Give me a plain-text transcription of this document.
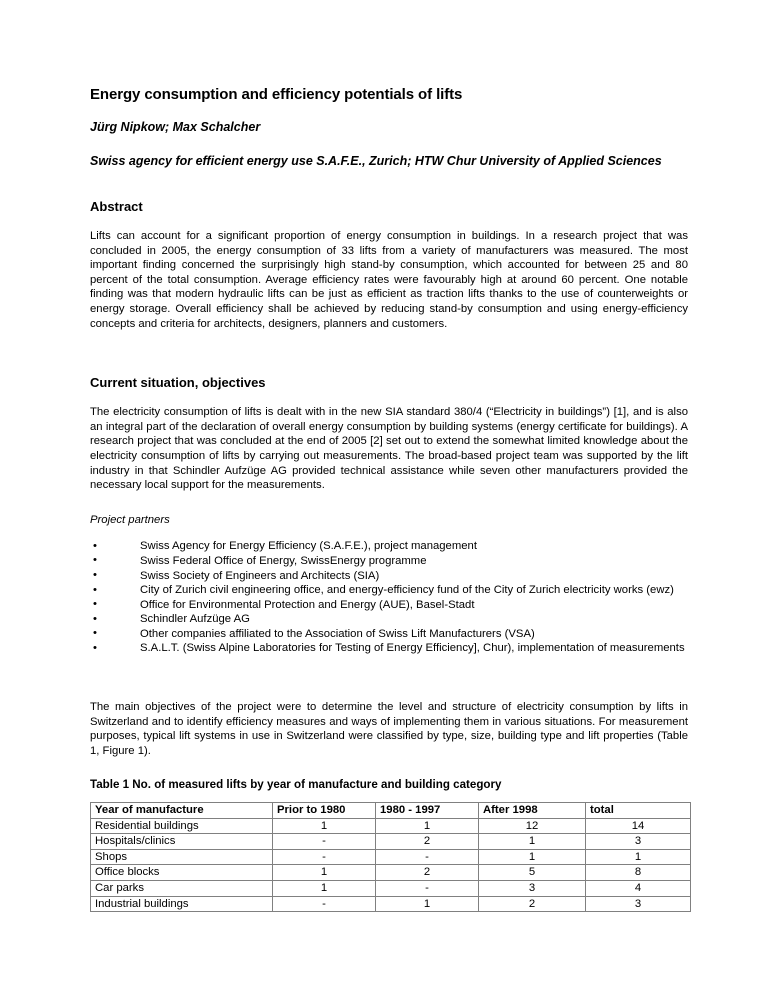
Energy consumption and efficiency potentials of lifts

Jürg Nipkow; Max Schalcher

Swiss agency for efficient energy use S.A.F.E., Zurich; HTW Chur University of Applied Sciences

Abstract

Lifts can account for a significant proportion of energy consumption in buildings. In a research project that was concluded in 2005, the energy consumption of 33 lifts from a variety of manufacturers was measured. The most important finding concerned the surprisingly high stand-by consumption, which accounted for between 25 and 80 percent of the total consumption. Average efficiency rates were favourably high at around 60 percent. One notable finding was that modern hydraulic lifts can be just as efficient as traction lifts thanks to the use of counterweights or energy storage. Overall efficiency shall be achieved by reducing stand-by consumption and using energy-efficiency concepts and criteria for architects, designers, planners and customers.

Current situation, objectives

The electricity consumption of lifts is dealt with in the new SIA standard 380/4 (“Electricity in buildings”) [1], and is also an integral part of the declaration of overall energy consumption by building systems (energy certificate for buildings). A research project that was concluded at the end of 2005 [2] set out to extend the somewhat limited knowledge about the electricity consumption of lifts by carrying out measurements. The broad-based project team was supported by the lift industry in that Schindler Aufzüge AG provided technical assistance while seven other manufacturers provided the necessary local support for the measurements.

Project partners

•	Swiss Agency for Energy Efficiency (S.A.F.E.), project management
•	Swiss Federal Office of Energy, SwissEnergy programme
•	Swiss Society of Engineers and Architects (SIA)
•	City of Zurich civil engineering office, and energy-efficiency fund of the City of Zurich electricity works (ewz)
•	Office for Environmental Protection and Energy (AUE), Basel-Stadt
•	Schindler Aufzüge AG
•	Other companies affiliated to the Association of Swiss Lift Manufacturers (VSA)
•	S.A.L.T. (Swiss Alpine Laboratories for Testing of Energy Efficiency], Chur), implementation of measurements

The main objectives of the project were to determine the level and structure of electricity consumption by lifts in Switzerland and to identify efficiency measures and ways of implementing them in various situations. For measurement purposes, typical lift systems in use in Switzerland were classified by type, size, building type and lift properties (Table 1, Figure 1).

Table 1 No. of measured lifts by year of manufacture and building category

Year of manufacture	Prior to 1980	1980 - 1997	After 1998	total
Residential buildings	1	1	12	14
Hospitals/clinics	-	2	1	3
Shops	-	-	1	1
Office blocks	1	2	5	8
Car parks	1	-	3	4
Industrial buildings	-	1	2	3
